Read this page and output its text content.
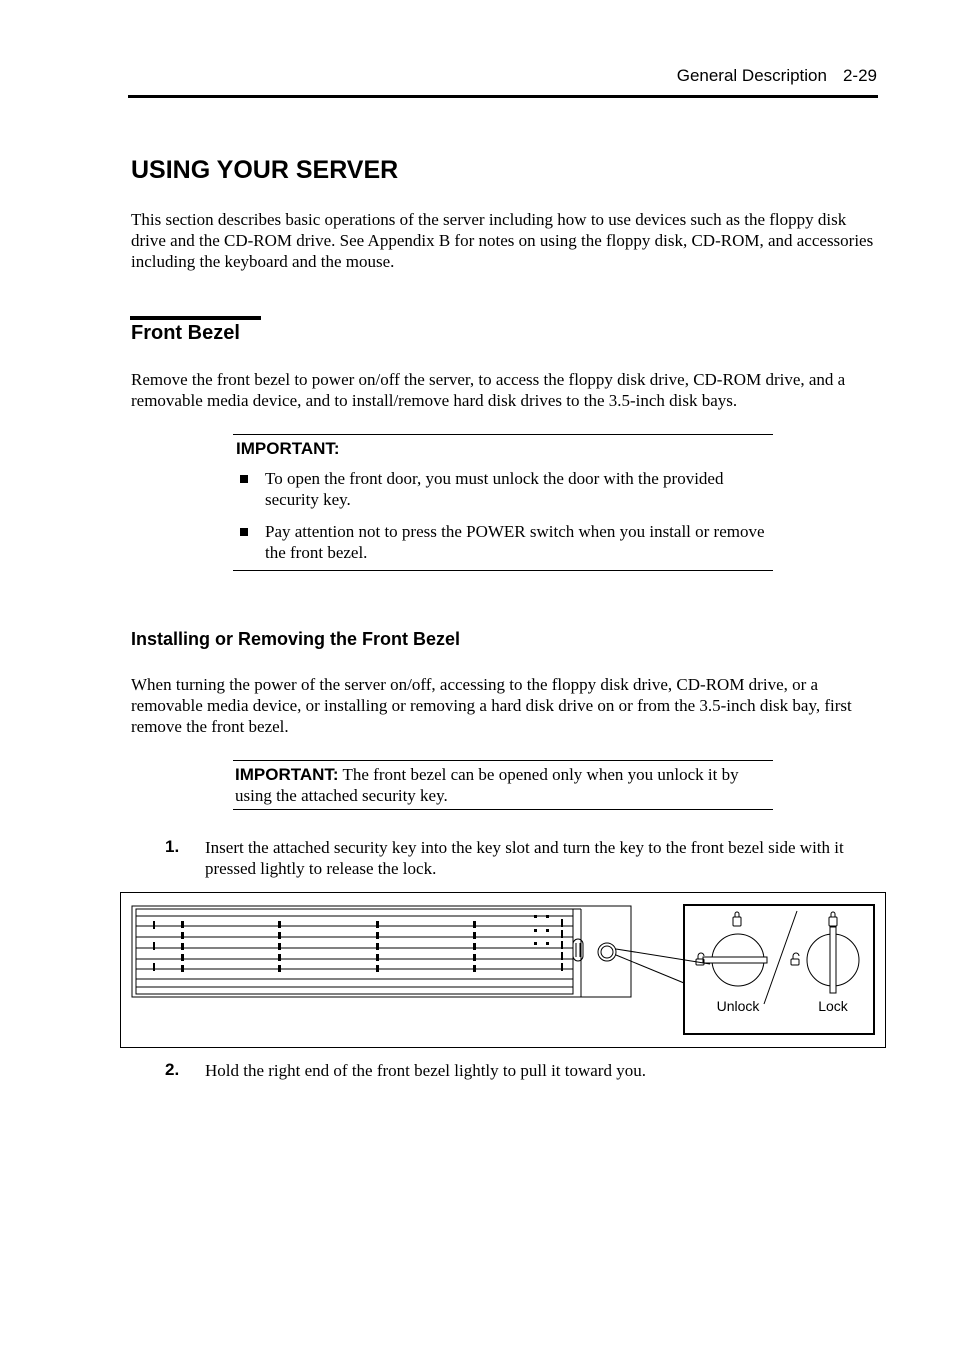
General Description 2-29
USING YOUR SERVER

This section describes basic operations of the server including how to use devices such as the floppy disk drive and the CD-ROM drive. See Appendix B for notes on using the floppy disk, CD-ROM, and accessories including the keyboard and the mouse.

Front Bezel

Remove the front bezel to power on/off the server, to access the floppy disk drive, CD-ROM drive, and a removable media device, and to install/remove hard disk drives to the 3.5-inch disk bays.

IMPORTANT:
To open the front door, you must unlock the door with the provided security key.
Pay attention not to press the POWER switch when you install or remove the front bezel.
Installing or Removing the Front Bezel

When turning the power of the server on/off, accessing to the floppy disk drive, CD-ROM drive, or a removable media device, or installing or removing a hard disk drive on or from the 3.5-inch disk bay, first remove the front bezel.

IMPORTANT: The front bezel can be opened only when you unlock it by using the attached security key.
1. Insert the attached security key into the key slot and turn the key to the front bezel side with it pressed lightly to release the lock.

Unlock	Lock
2. Hold the right end of the front bezel lightly to pull it toward you.
